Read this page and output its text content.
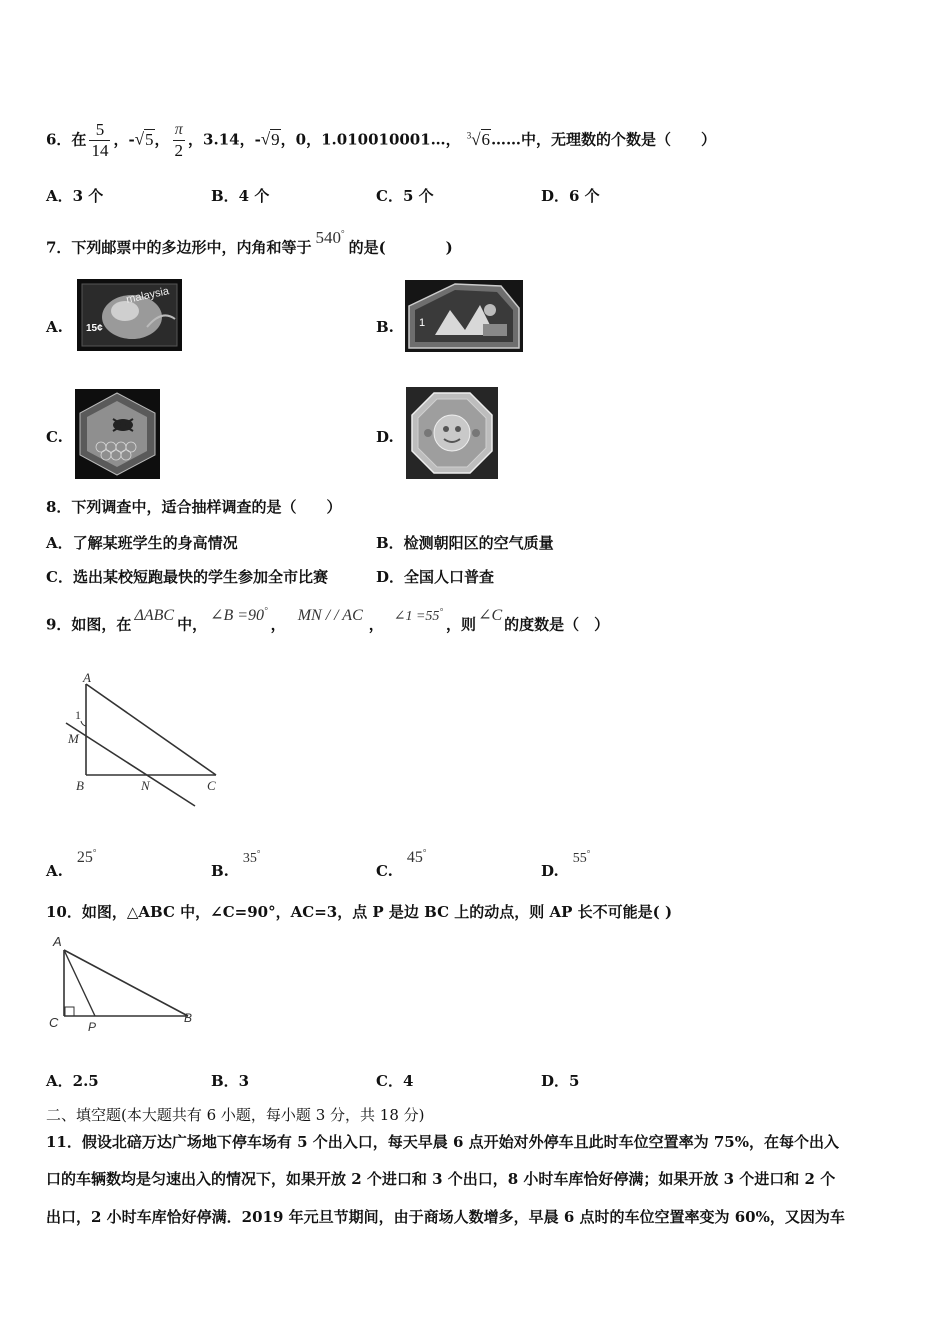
6．在 $\frac{5}{14}$ ，-√5， $\frac{\pi}{2}$ ，3.14，-√9，0，1.010010001…， $^3$√6……中，无理数的个数是（　　）
A．3 个	B．4 个	C．5 个	D．6 个
7．下列邮票中的多边形中，内角和等于540°的是(　　　　)
A.
malaysia
15¢	B. 1
C.	D.
8．下列调查中，适合抽样调查的是（　　）
A．了解某班学生的身高情况	B．检测朝阳区的空气质量
C．选出某校短跑最快的学生参加全市比赛	D．全国人口普查
9．如图，在 ΔABC 中， ∠B =90°， MN / / AC ， ∠1 =55°，则 ∠C 的度数是（　）
A
1
M
B	N	C
A.25°
B.35°
C.45°
D.55°
10．如图，△ABC 中，∠C=90°，AC=3，点 P 是边 BC 上的动点，则 AP 长不可能是( )
A
C P
B
A．2.5	B．3	C．4	D．5
二、填空题(本大题共有 6 小题，每小题 3 分，共 18 分)
11．假设北碚万达广场地下停车场有 5 个出入口，每天早晨 6 点开始对外停车且此时车位空置率为 75%，在每个出入
口的车辆数均是匀速出入的情况下，如果开放 2 个进口和 3 个出口，8 小时车库恰好停满；如果开放 3 个进口和 2 个
出口，2 小时车库恰好停满．2019 年元旦节期间，由于商场人数增多，早晨 6 点时的车位空置率变为 60%，又因为车
